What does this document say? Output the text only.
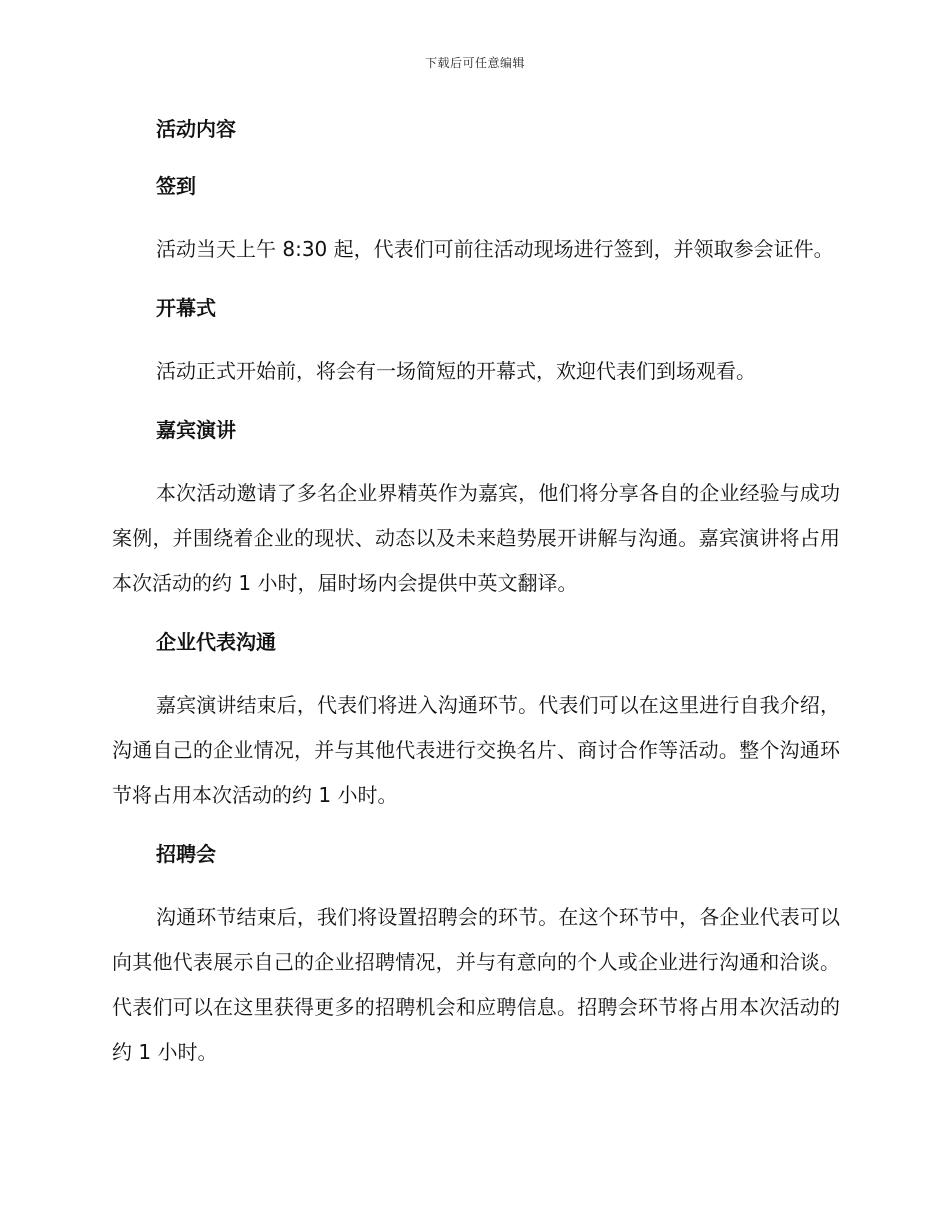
下载后可任意编辑
活动内容
签到

活动当天上午 8:30 起，代表们可前往活动现场进行签到，并领取参会证件。

开幕式

活动正式开始前，将会有一场简短的开幕式，欢迎代表们到场观看。

嘉宾演讲

本次活动邀请了多名企业界精英作为嘉宾，他们将分享各自的企业经验与成功案例，并围绕着企业的现状、动态以及未来趋势展开讲解与沟通。嘉宾演讲将占用本次活动的约 1 小时，届时场内会提供中英文翻译。

企业代表沟通

嘉宾演讲结束后，代表们将进入沟通环节。代表们可以在这里进行自我介绍，沟通自己的企业情况，并与其他代表进行交换名片、商讨合作等活动。整个沟通环节将占用本次活动的约 1 小时。

招聘会

沟通环节结束后，我们将设置招聘会的环节。在这个环节中，各企业代表可以向其他代表展示自己的企业招聘情况，并与有意向的个人或企业进行沟通和洽谈。代表们可以在这里获得更多的招聘机会和应聘信息。招聘会环节将占用本次活动的约 1 小时。
